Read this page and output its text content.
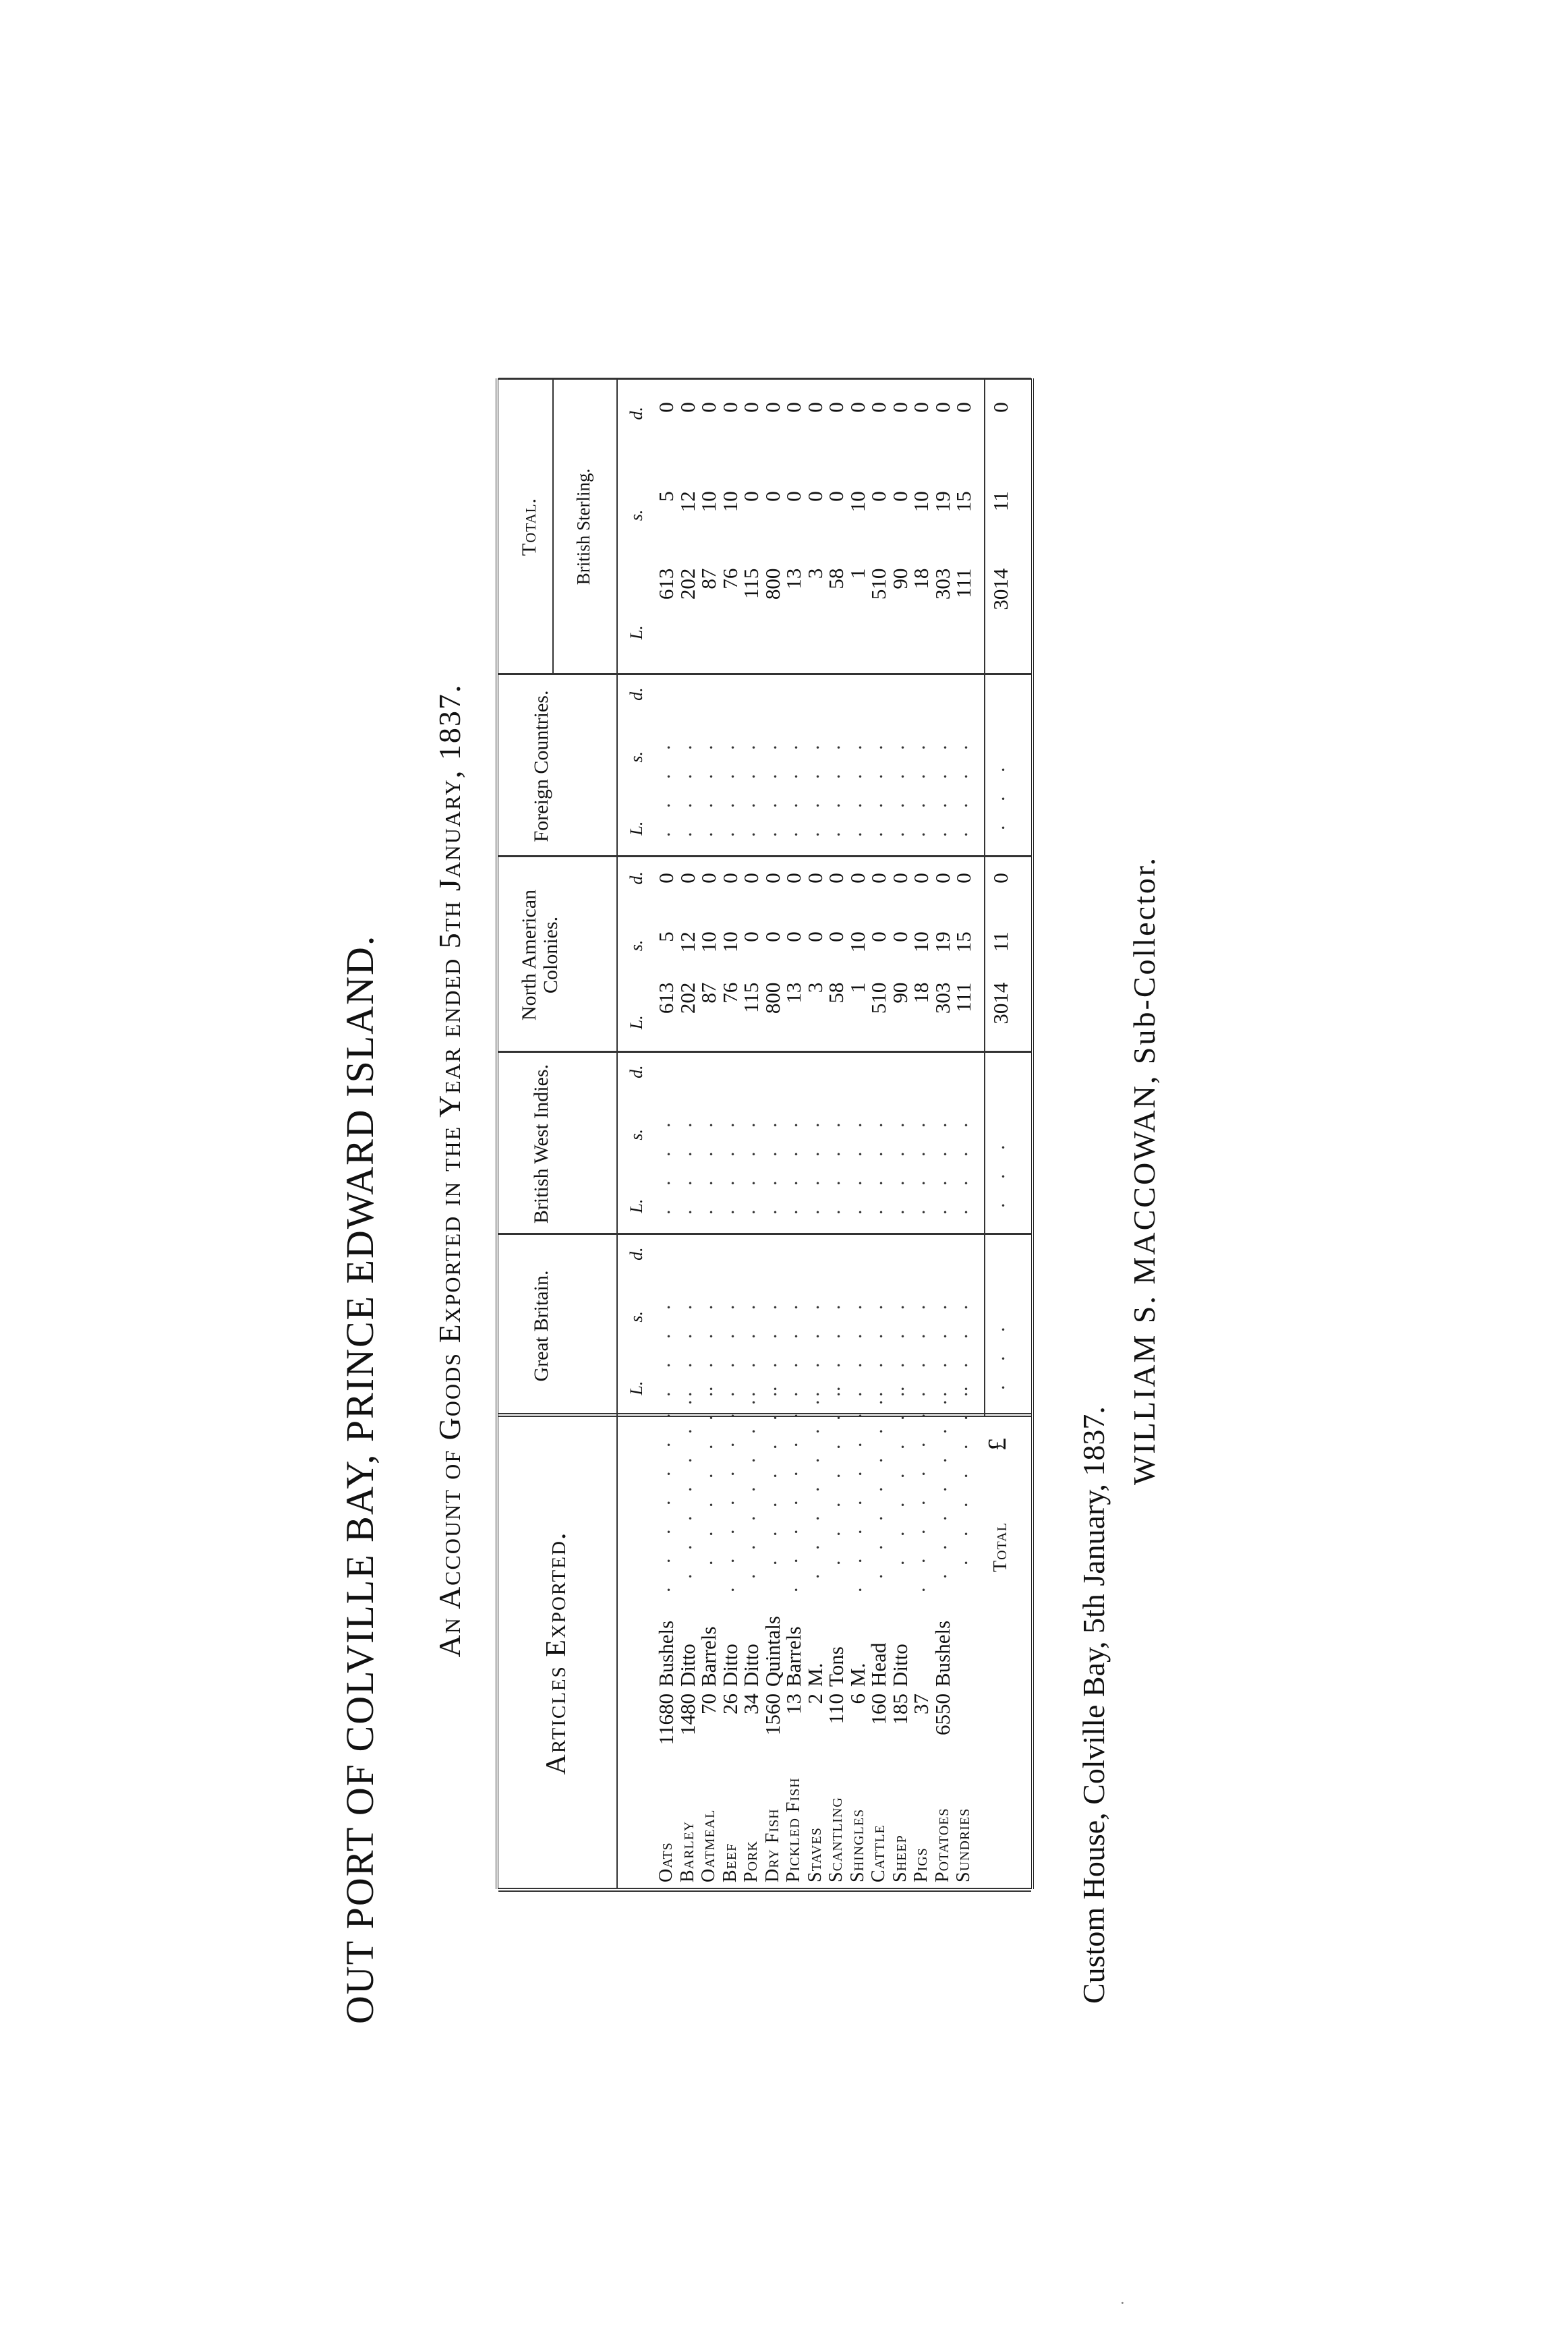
OUT PORT OF COLVILLE BAY, PRINCE EDWARD ISLAND. An Account of Goods Exported in the Year ended 5th January, 1837.	Articles Exported.
Great Britain.
British West Indies.
North American Colonies.
Foreign Countries.
Total. British Sterling.
L.
s.
d.
L.
s.
d.
L.
s.
d.
L.
s.
d.
L.
s.
d.
Oats
11680
Bushels
. . . . . . .
. . . .
. . . .
. . . .
613
5
0
613
5
0
Barley
1480
Ditto
. . . . . . .
. . . .
. . . .
. . . .
202
12
0
202
12
0
Oatmeal
70
Barrels
. . . . . . .
. . . .
. . . .
. . . .
87
10
0
87
10
0
Beef
26
Ditto
. . . . . . .
. . . .
. . . .
. . . .
76
10
0
76
10
0
Pork
34
Ditto
. . . . . . .
. . . .
. . . .
. . . .
115
0
0
115
0
0
Dry Fish
1560
Quintals
. . . . . . .
. . . .
. . . .
. . . .
800
0
0
800
0
0
Pickled Fish
13
Barrels
. . . . . . .
. . . .
. . . .
. . . .
13
0
0
13
0
0
Staves
2
M.
. . . . . . .
. . . .
. . . .
. . . .
3
0
0
3
0
0
Scantling
110
Tons
. . . . . . .
. . . .
. . . .
. . . .
58
0
0
58
0
0
Shingles
6
M.
. . . . . . .
. . . .
. . . .
. . . .
1
10
0
1
10
0
Cattle
160
Head
. . . . . . .
. . . .
. . . .
. . . .
510
0
0
510
0
0
Sheep
185
Ditto
. . . . . . .
. . . .
. . . .
. . . .
90
0
0
90
0
0
Pigs
37
. . . . . . .
. . . .
. . . .
. . . .
18
10
0
18
10
0
Potatoes
6550
Bushels
. . . . . . .
. . . .
. . . .
. . . .
303
19
0
303
19
0
Sundries
. . . . . . .
. . . .
. . . .
. . . .
111
15
0
111
15
0
Total
£
. . .
. . .
. . .
3014
11
0
3014
11
0
Custom House, Colville Bay, 5th January, 1837.
WILLIAM S. MACCOWAN, Sub-Collector.
·
